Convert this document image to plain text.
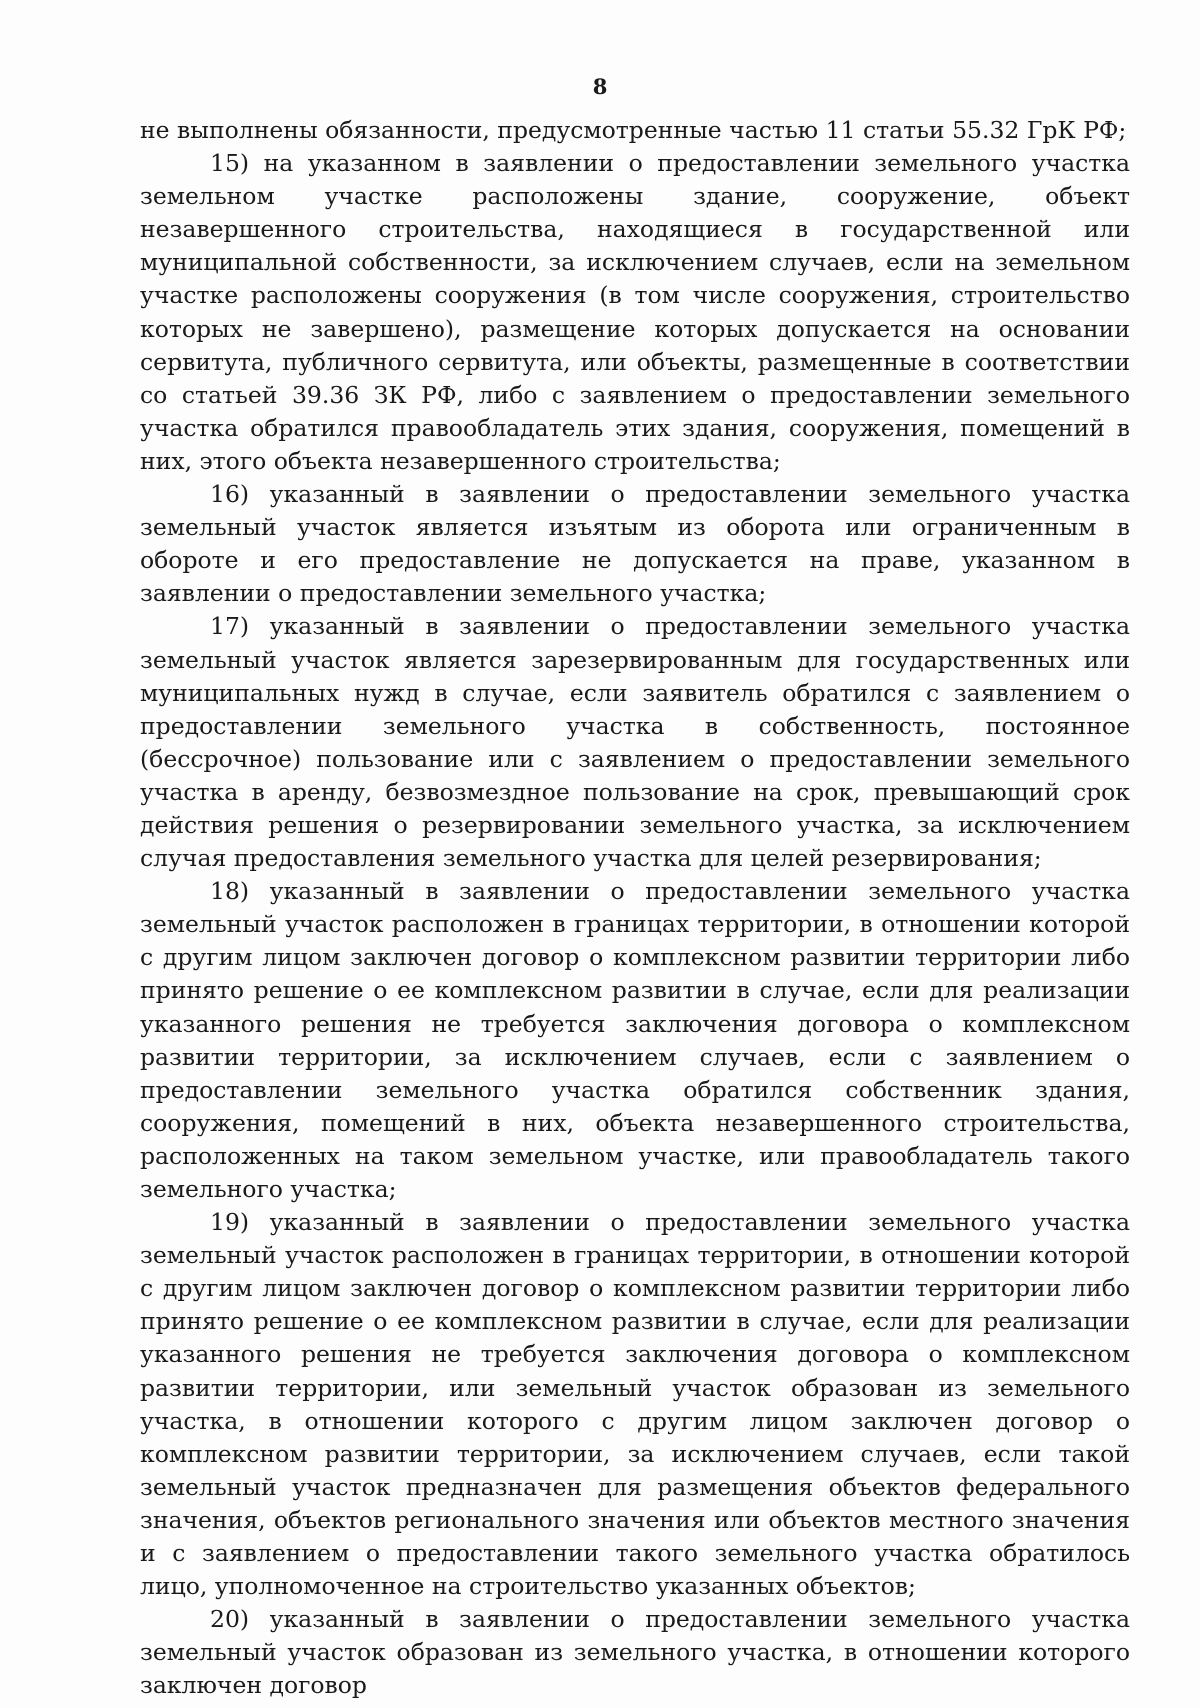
8

не выполнены обязанности, предусмотренные частью 11 статьи 55.32 ГрК РФ;

15) на указанном в заявлении о предоставлении земельного участка земельном участке расположены здание, сооружение, объект незавершенного строительства, находящиеся в государственной или муниципальной собственности, за исключением случаев, если на земельном участке расположены сооружения (в том числе сооружения, строительство которых не завершено), размещение которых допускается на основании сервитута, публичного сервитута, или объекты, размещенные в соответствии со статьей 39.36 ЗК РФ, либо с заявлением о предоставлении земельного участка обратился правообладатель этих здания, сооружения, помещений в них, этого объекта незавершенного строительства;

16) указанный в заявлении о предоставлении земельного участка земельный участок является изъятым из оборота или ограниченным в обороте и его предоставление не допускается на праве, указанном в заявлении о предоставлении земельного участка;

17) указанный в заявлении о предоставлении земельного участка земельный участок является зарезервированным для государственных или муниципальных нужд в случае, если заявитель обратился с заявлением о предоставлении земельного участка в собственность, постоянное (бессрочное) пользование или с заявлением о предоставлении земельного участка в аренду, безвозмездное пользование на срок, превышающий срок действия решения о резервировании земельного участка, за исключением случая предоставления земельного участка для целей резервирования;

18) указанный в заявлении о предоставлении земельного участка земельный участок расположен в границах территории, в отношении которой с другим лицом заключен договор о комплексном развитии территории либо принято решение о ее комплексном развитии в случае, если для реализации указанного решения не требуется заключения договора о комплексном развитии территории, за исключением случаев, если с заявлением о предоставлении земельного участка обратился собственник здания, сооружения, помещений в них, объекта незавершенного строительства, расположенных на таком земельном участке, или правообладатель такого земельного участка;

19) указанный в заявлении о предоставлении земельного участка земельный участок расположен в границах территории, в отношении которой с другим лицом заключен договор о комплексном развитии территории либо принято решение о ее комплексном развитии в случае, если для реализации указанного решения не требуется заключения договора о комплексном развитии территории, или земельный участок образован из земельного участка, в отношении которого с другим лицом заключен договор о комплексном развитии территории, за исключением случаев, если такой земельный участок предназначен для размещения объектов федерального значения, объектов регионального значения или объектов местного значения и с заявлением о предоставлении такого земельного участка обратилось лицо, уполномоченное на строительство указанных объектов;

20) указанный в заявлении о предоставлении земельного участка земельный участок образован из земельного участка, в отношении которого заключен договор
